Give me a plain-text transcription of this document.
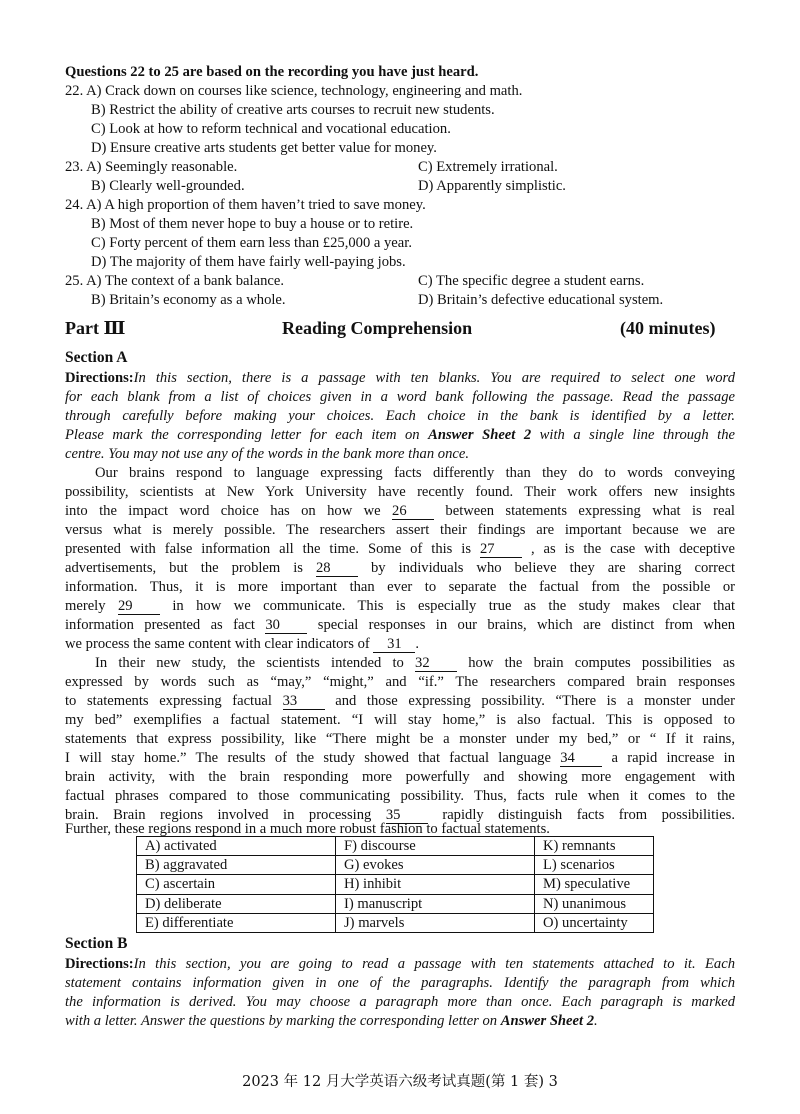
Questions 22 to 25 are based on the recording you have just heard.
22. A) Crack down on courses like science, technology, engineering and math.
B) Restrict the ability of creative arts courses to recruit new students.
C) Look at how to reform technical and vocational education.
D) Ensure creative arts students get better value for money.
23. A) Seemingly reasonable.	C) Extremely irrational.
B) Clearly well-grounded.	D) Apparently simplistic.
24. A) A high proportion of them haven’t tried to save money.
B) Most of them never hope to buy a house or to retire.
C) Forty percent of them earn less than £25,000 a year.
D) The majority of them have fairly well-paying jobs.
25. A) The context of a bank balance.	C) The specific degree a student earns.
B) Britain’s economy as a whole.	D) Britain’s defective educational system.
Part Ⅲ	Reading Comprehension	(40 minutes)
Section A
Directions:In this section, there is a passage with ten blanks. You are required to select one word
for each blank from a list of choices given in a word bank following the passage. Read the passage
through carefully before making your choices. Each choice in the bank is identified by a letter.
Please mark the corresponding letter for each item on Answer Sheet 2 with a single line through the
centre. You may not use any of the words in the bank more than once.
Our brains respond to language expressing facts differently than they do to words conveying
possibility, scientists at New York University have recently found. Their work offers new insights
into the impact word choice has on how we 26	between statements expressing what is real
versus what is merely possible. The researchers assert their findings are important because we are
presented with false information all the time. Some of this is 27 , as is the case with deceptive
advertisements, but the problem is 28	by individuals who believe they are sharing correct
information. Thus, it is more important than ever to separate the factual from the possible or
merely 29	in how we communicate. This is especially true as the study makes clear that
information presented as fact 30	special responses in our brains, which are distinct from when
we process the same content with clear indicators of 31 .
In their new study, the scientists intended to 32	how the brain computes possibilities as
expressed by words such as “may,” “might,” and “if.” The researchers compared brain responses
to statements expressing factual 33	and those expressing possibility. “There is a monster under
my bed” exemplifies a factual statement. “I will stay home,” is also factual. This is opposed to
statements that express possibility, like “There might be a monster under my bed,” or “ If it rains,
I will stay home.” The results of the study showed that factual language 34	a rapid increase in
brain activity, with the brain responding more powerfully and showing more engagement with
factual phrases compared to those communicating possibility. Thus, facts rule when it comes to the
brain. Brain regions involved in processing 35	rapidly distinguish facts from possibilities.
Further, these regions respond in a much more robust fashion to factual statements.
A) activated	F) discourse	K) remnants
B) aggravated	G) evokes	L) scenarios
C) ascertain	H) inhibit	M) speculative
D) deliberate	I) manuscript	N) unanimous
E) differentiate	J) marvels	O) uncertainty
Section B
Directions:In this section, you are going to read a passage with ten statements attached to it. Each
statement contains information given in one of the paragraphs. Identify the paragraph from which
the information is derived. You may choose a paragraph more than once. Each paragraph is marked
with a letter. Answer the questions by marking the corresponding letter on Answer Sheet 2.
2023 年 12 月大学英语六级考试真题(第 1 套) 3
